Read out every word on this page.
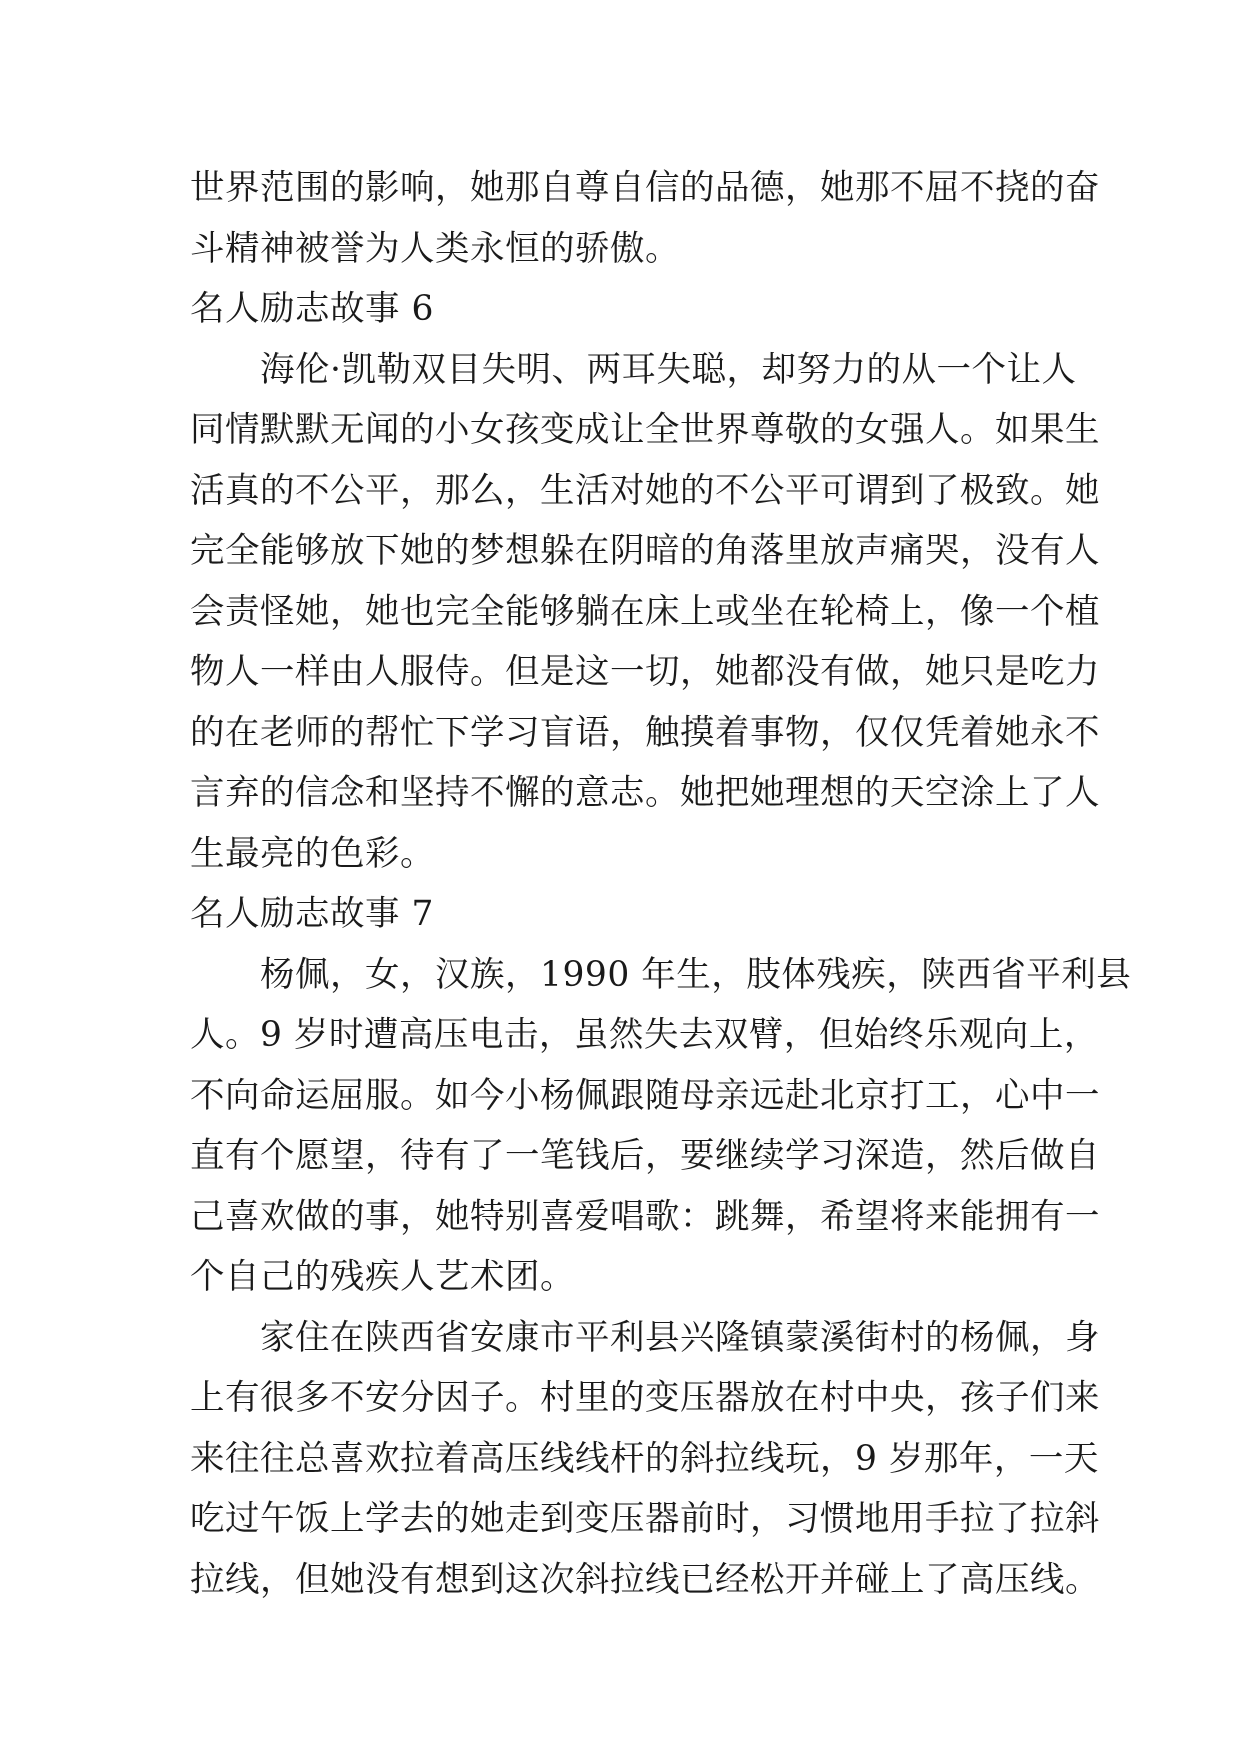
世界范围的影响，她那自尊自信的品德，她那不屈不挠的奋
斗精神被誉为人类永恒的骄傲。
名人励志故事 6
海伦·凯勒双目失明、两耳失聪，却努力的从一个让人
同情默默无闻的小女孩变成让全世界尊敬的女强人。如果生
活真的不公平，那么，生活对她的不公平可谓到了极致。她
完全能够放下她的梦想躲在阴暗的角落里放声痛哭，没有人
会责怪她，她也完全能够躺在床上或坐在轮椅上，像一个植
物人一样由人服侍。但是这一切，她都没有做，她只是吃力
的在老师的帮忙下学习盲语，触摸着事物，仅仅凭着她永不
言弃的信念和坚持不懈的意志。她把她理想的天空涂上了人
生最亮的色彩。
名人励志故事 7
杨佩，女，汉族，1990 年生，肢体残疾，陕西省平利县
人。9 岁时遭高压电击，虽然失去双臂，但始终乐观向上，
不向命运屈服。如今小杨佩跟随母亲远赴北京打工，心中一
直有个愿望，待有了一笔钱后，要继续学习深造，然后做自
己喜欢做的事，她特别喜爱唱歌：跳舞，希望将来能拥有一
个自己的残疾人艺术团。
家住在陕西省安康市平利县兴隆镇蒙溪街村的杨佩，身
上有很多不安分因子。村里的变压器放在村中央，孩子们来
来往往总喜欢拉着高压线线杆的斜拉线玩，9 岁那年，一天
吃过午饭上学去的她走到变压器前时，习惯地用手拉了拉斜
拉线，但她没有想到这次斜拉线已经松开并碰上了高压线。
